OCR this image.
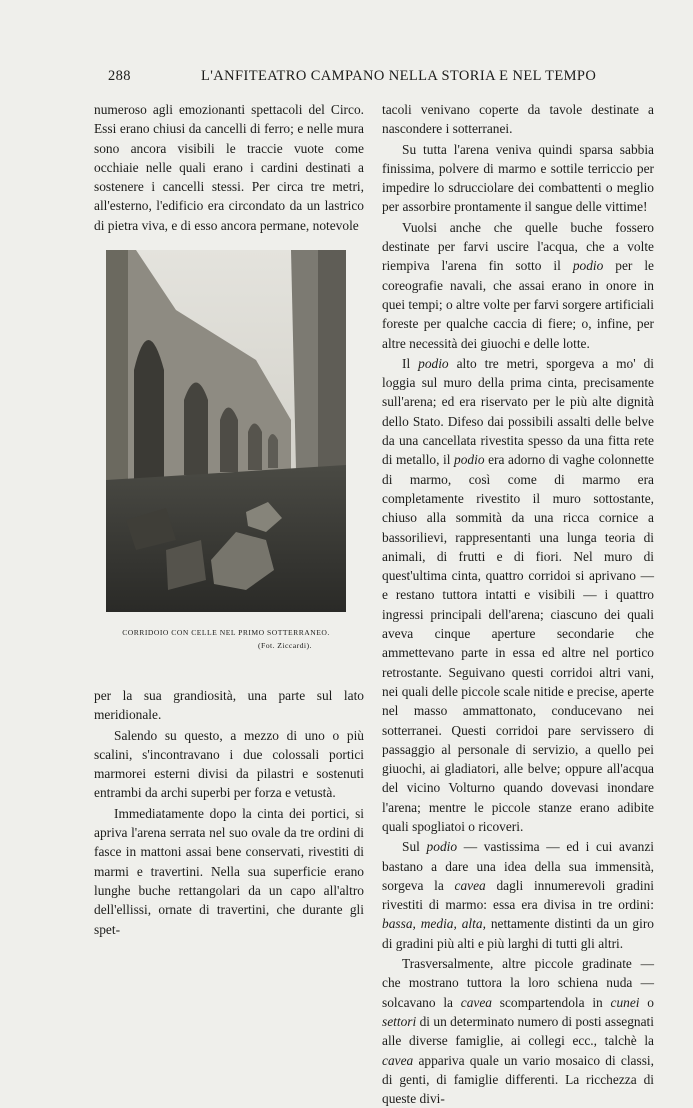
288	L'ANFITEATRO CAMPANO NELLA STORIA E NEL TEMPO

numeroso agli emozionanti spettacoli del Circo. Essi erano chiusi da cancelli di ferro; e nelle mura sono ancora visibili le traccie vuote come occhiaie nelle quali erano i cardini destinati a sostenere i cancelli stessi. Per circa tre metri, all'esterno, l'edificio era circondato da un lastrico di pietra viva, e di esso ancora permane, notevole

CORRIDOIO CON CELLE NEL PRIMO SOTTERRANEO.
(Fot. Ziccardi).

per la sua grandiosità, una parte sul lato meridionale.

Salendo su questo, a mezzo di uno o più scalini, s'incontravano i due colossali portici marmorei esterni divisi da pilastri e sostenuti entrambi da archi superbi per forza e vetustà.

Immediatamente dopo la cinta dei portici, si apriva l'arena serrata nel suo ovale da tre ordini di fasce in mattoni assai bene conservati, rivestiti di marmi e travertini. Nella sua superficie erano lunghe buche rettangolari da un capo all'altro dell'ellissi, ornate di travertini, che durante gli spet-

tacoli venivano coperte da tavole destinate a nascondere i sotterranei.

Su tutta l'arena veniva quindi sparsa sabbia finissima, polvere di marmo e sottile terriccio per impedire lo sdrucciolare dei combattenti o meglio per assorbire prontamente il sangue delle vittime!

Vuolsi anche che quelle buche fossero destinate per farvi uscire l'acqua, che a volte riempiva l'arena fin sotto il podio per le coreografie navali, che assai erano in onore in quei tempi; o altre volte per farvi sorgere artificiali foreste per qualche caccia di fiere; o, infine, per altre necessità dei giuochi e delle lotte.

Il podio alto tre metri, sporgeva a mo' di loggia sul muro della prima cinta, precisamente sull'arena; ed era riservato per le più alte dignità dello Stato. Difeso dai possibili assalti delle belve da una cancellata rivestita spesso da una fitta rete di metallo, il podio era adorno di vaghe colonnette di marmo, così come di marmo era completamente rivestito il muro sottostante, chiuso alla sommità da una ricca cornice a bassorilievi, rappresentanti una lunga teoria di animali, di frutti e di fiori. Nel muro di quest'ultima cinta, quattro corridoi si aprivano — e restano tuttora intatti e visibili — i quattro ingressi principali dell'arena; ciascuno dei quali aveva cinque aperture secondarie che ammettevano parte in essa ed altre nel portico retrostante. Seguivano questi corridoi altri vani, nei quali delle piccole scale nitide e precise, aperte nel masso ammattonato, conducevano nei sotterranei. Questi corridoi pare servissero di passaggio al personale di servizio, a quello pei giuochi, ai gladiatori, alle belve; oppure all'acqua del vicino Volturno quando dovevasi inondare l'arena; mentre le piccole stanze erano adibite quali spogliatoi o ricoveri.

Sul podio — vastissima — ed i cui avanzi bastano a dare una idea della sua immensità, sorgeva la cavea dagli innumerevoli gradini rivestiti di marmo: essa era divisa in tre ordini: bassa, media, alta, nettamente distinti da un giro di gradini più alti e più larghi di tutti gli altri.

Trasversalmente, altre piccole gradinate — che mostrano tuttora la loro schiena nuda — solcavano la cavea scompartendola in cunei o settori di un determinato numero di posti assegnati alle diverse famiglie, ai collegi ecc., talchè la cavea appariva quale un vario mosaico di classi, di genti, di famiglie differenti. La ricchezza di queste divi-
